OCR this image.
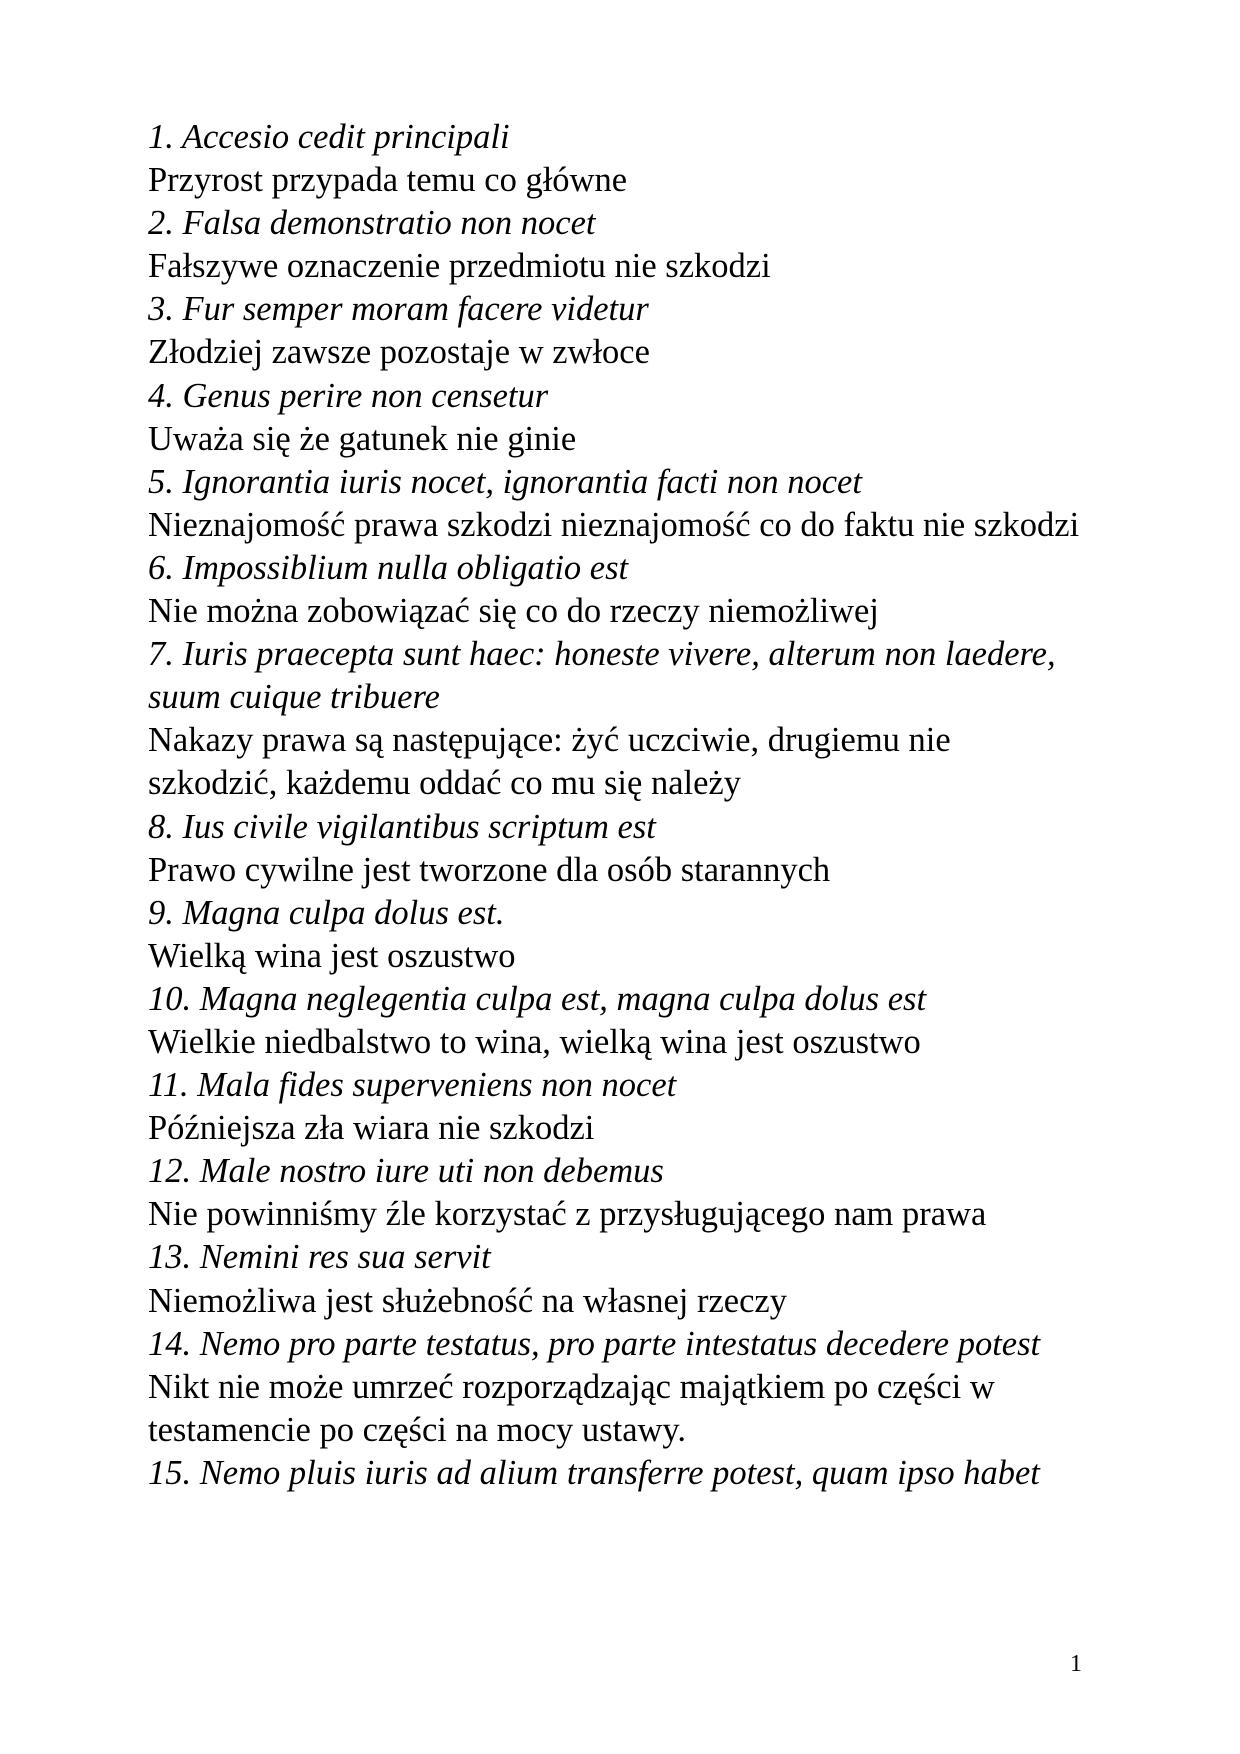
1. Accesio cedit principali

Przyrost przypada temu co główne

2. Falsa demonstratio non nocet

Fałszywe oznaczenie przedmiotu nie szkodzi

3. Fur semper moram facere videtur

Złodziej zawsze pozostaje w zwłoce

4. Genus perire non censetur

Uważa się że gatunek nie ginie

5. Ignorantia iuris nocet, ignorantia facti non nocet

Nieznajomość prawa szkodzi nieznajomość co do faktu nie szkodzi

6. Impossiblium nulla obligatio est

Nie można zobowiązać się co do rzeczy niemożliwej

7. Iuris praecepta sunt haec: honeste vivere, alterum non laedere, suum cuique tribuere

Nakazy prawa są następujące: żyć uczciwie, drugiemu nie szkodzić, każdemu oddać co mu się należy

8. Ius civile vigilantibus scriptum est

Prawo cywilne jest tworzone dla osób starannych

9. Magna culpa dolus est.

Wielką wina jest oszustwo

10. Magna neglegentia culpa est, magna culpa dolus est

Wielkie niedbalstwo to wina, wielką wina jest oszustwo

11. Mala fides superveniens non nocet

Późniejsza zła wiara nie szkodzi

12. Male nostro iure uti non debemus

Nie powinniśmy źle korzystać z przysługującego nam prawa

13. Nemini res sua servit

Niemożliwa jest służebność na własnej rzeczy

14. Nemo pro parte testatus, pro parte intestatus decedere potest

Nikt nie może umrzeć rozporządzając majątkiem po części w testamencie po części na mocy ustawy.

15. Nemo pluis iuris ad alium transferre potest, quam ipso habet

1
